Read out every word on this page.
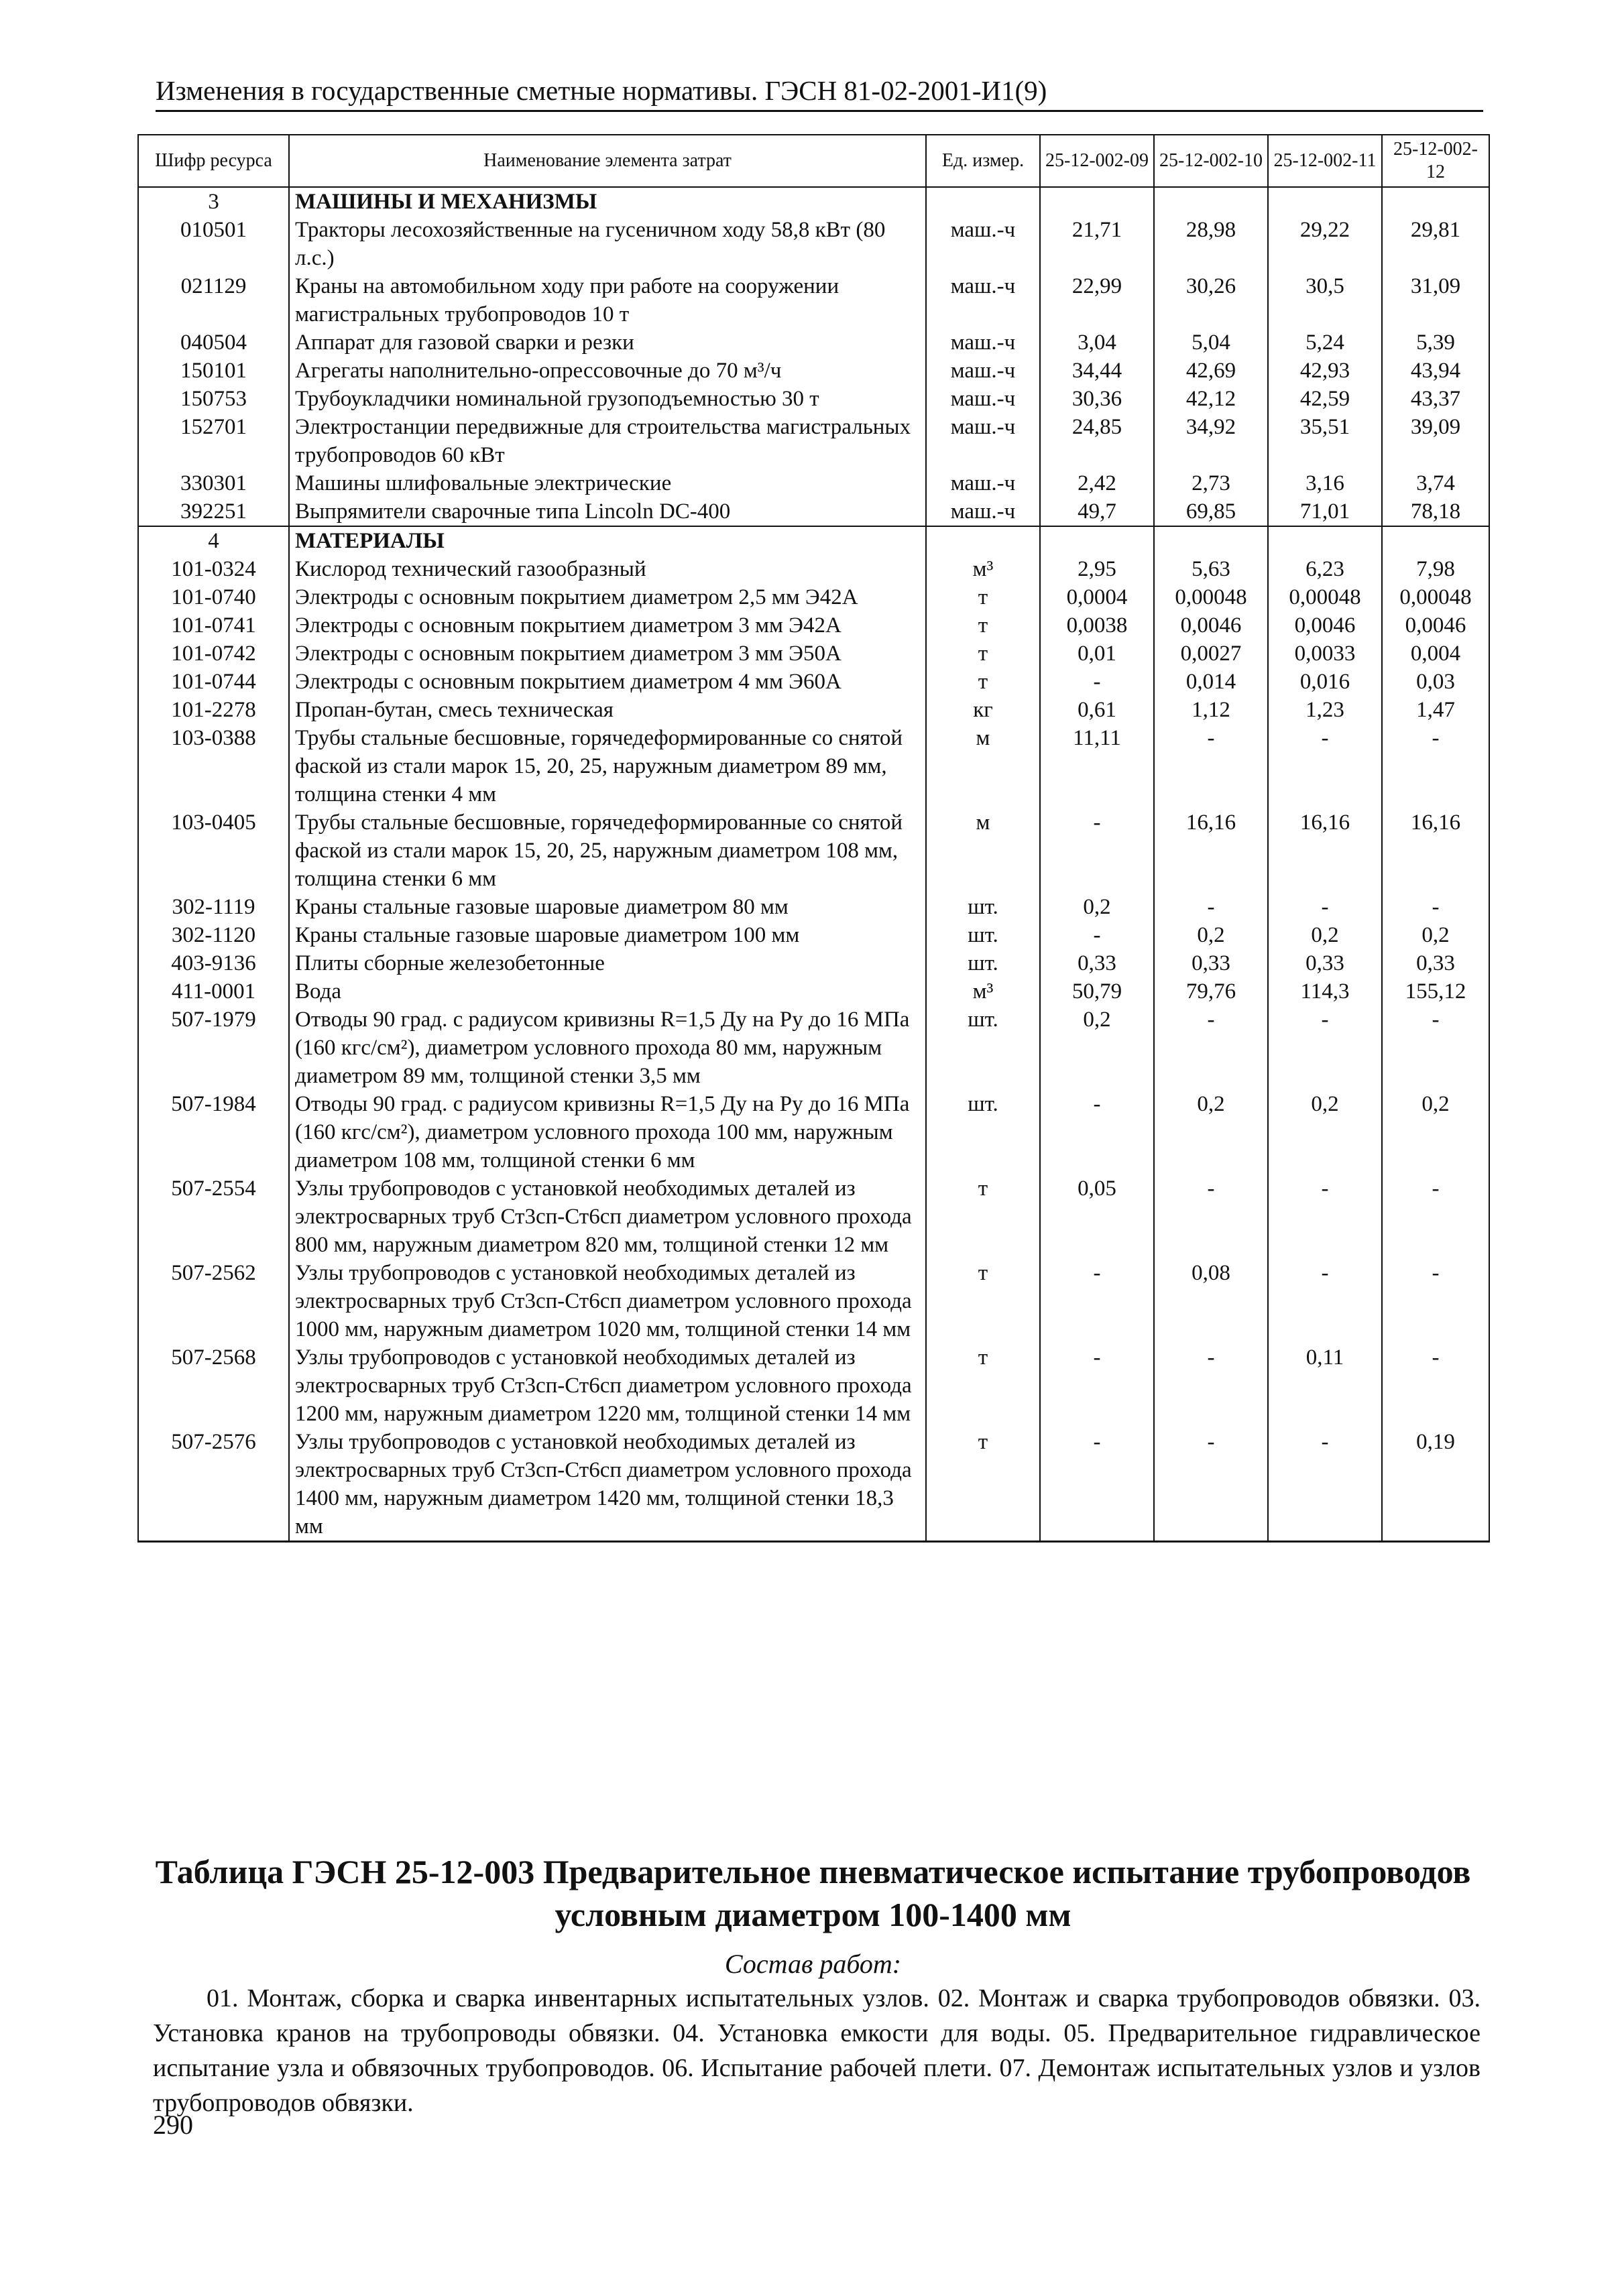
Изменения в государственные сметные нормативы. ГЭСН 81-02-2001-И1(9)
Шифр ресурса	Наименование элемента затрат	Ед. измер.	25-12-002-09	25-12-002-10	25-12-002-11	25-12-002-12
3	МАШИНЫ И МЕХАНИЗМЫ					
010501	Тракторы лесохозяйственные на гусеничном ходу 58,8 кВт (80 л.с.)	маш.-ч	21,71	28,98	29,22	29,81
021129	Краны на автомобильном ходу при работе на сооружении магистральных трубопроводов 10 т	маш.-ч	22,99	30,26	30,5	31,09
040504	Аппарат для газовой сварки и резки	маш.-ч	3,04	5,04	5,24	5,39
150101	Агрегаты наполнительно-опрессовочные до 70 м³/ч	маш.-ч	34,44	42,69	42,93	43,94
150753	Трубоукладчики номинальной грузоподъемностью 30 т	маш.-ч	30,36	42,12	42,59	43,37
152701	Электростанции передвижные для строительства магистральных трубопроводов 60 кВт	маш.-ч	24,85	34,92	35,51	39,09
330301	Машины шлифовальные электрические	маш.-ч	2,42	2,73	3,16	3,74
392251	Выпрямители сварочные типа Lincoln DC-400	маш.-ч	49,7	69,85	71,01	78,18
4	МАТЕРИАЛЫ					
101-0324	Кислород технический газообразный	м³	2,95	5,63	6,23	7,98
101-0740	Электроды с основным покрытием диаметром 2,5 мм Э42А	т	0,0004	0,00048	0,00048	0,00048
101-0741	Электроды с основным покрытием диаметром 3 мм Э42А	т	0,0038	0,0046	0,0046	0,0046
101-0742	Электроды с основным покрытием диаметром 3 мм Э50А	т	0,01	0,0027	0,0033	0,004
101-0744	Электроды с основным покрытием диаметром 4 мм Э60А	т	-	0,014	0,016	0,03
101-2278	Пропан-бутан, смесь техническая	кг	0,61	1,12	1,23	1,47
103-0388	Трубы стальные бесшовные, горячедеформированные со снятой фаской из стали марок 15, 20, 25, наружным диаметром 89 мм, толщина стенки 4 мм	м	11,11	-	-	-
103-0405	Трубы стальные бесшовные, горячедеформированные со снятой фаской из стали марок 15, 20, 25, наружным диаметром 108 мм, толщина стенки 6 мм	м	-	16,16	16,16	16,16
302-1119	Краны стальные газовые шаровые диаметром 80 мм	шт.	0,2	-	-	-
302-1120	Краны стальные газовые шаровые диаметром 100 мм	шт.	-	0,2	0,2	0,2
403-9136	Плиты сборные железобетонные	шт.	0,33	0,33	0,33	0,33
411-0001	Вода	м³	50,79	79,76	114,3	155,12
507-1979	Отводы 90 град. с радиусом кривизны R=1,5 Ду на Ру до 16 МПа (160 кгс/см²), диаметром условного прохода 80 мм, наружным диаметром 89 мм, толщиной стенки 3,5 мм	шт.	0,2	-	-	-
507-1984	Отводы 90 град. с радиусом кривизны R=1,5 Ду на Ру до 16 МПа (160 кгс/см²), диаметром условного прохода 100 мм, наружным диаметром 108 мм, толщиной стенки 6 мм	шт.	-	0,2	0,2	0,2
507-2554	Узлы трубопроводов с установкой необходимых деталей из электросварных труб Ст3сп-Ст6сп диаметром условного прохода 800 мм, наружным диаметром 820 мм, толщиной стенки 12 мм	т	0,05	-	-	-
507-2562	Узлы трубопроводов с установкой необходимых деталей из электросварных труб Ст3сп-Ст6сп диаметром условного прохода 1000 мм, наружным диаметром 1020 мм, толщиной стенки 14 мм	т	-	0,08	-	-
507-2568	Узлы трубопроводов с установкой необходимых деталей из электросварных труб Ст3сп-Ст6сп диаметром условного прохода 1200 мм, наружным диаметром 1220 мм, толщиной стенки 14 мм	т	-	-	0,11	-
507-2576	Узлы трубопроводов с установкой необходимых деталей из электросварных труб Ст3сп-Ст6сп диаметром условного прохода 1400 мм, наружным диаметром 1420 мм, толщиной стенки 18,3 мм	т	-	-	-	0,19
Таблица ГЭСН 25-12-003 Предварительное пневматическое испытание трубопроводов условным диаметром 100-1400 мм
Состав работ:
01. Монтаж, сборка и сварка инвентарных испытательных узлов. 02. Монтаж и сварка трубопроводов обвязки. 03. Установка кранов на трубопроводы обвязки. 04. Установка емкости для воды. 05. Предварительное гидравлическое испытание узла и обвязочных трубопроводов. 06. Испытание рабочей плети. 07. Демонтаж испытательных узлов и узлов трубопроводов обвязки.
290
